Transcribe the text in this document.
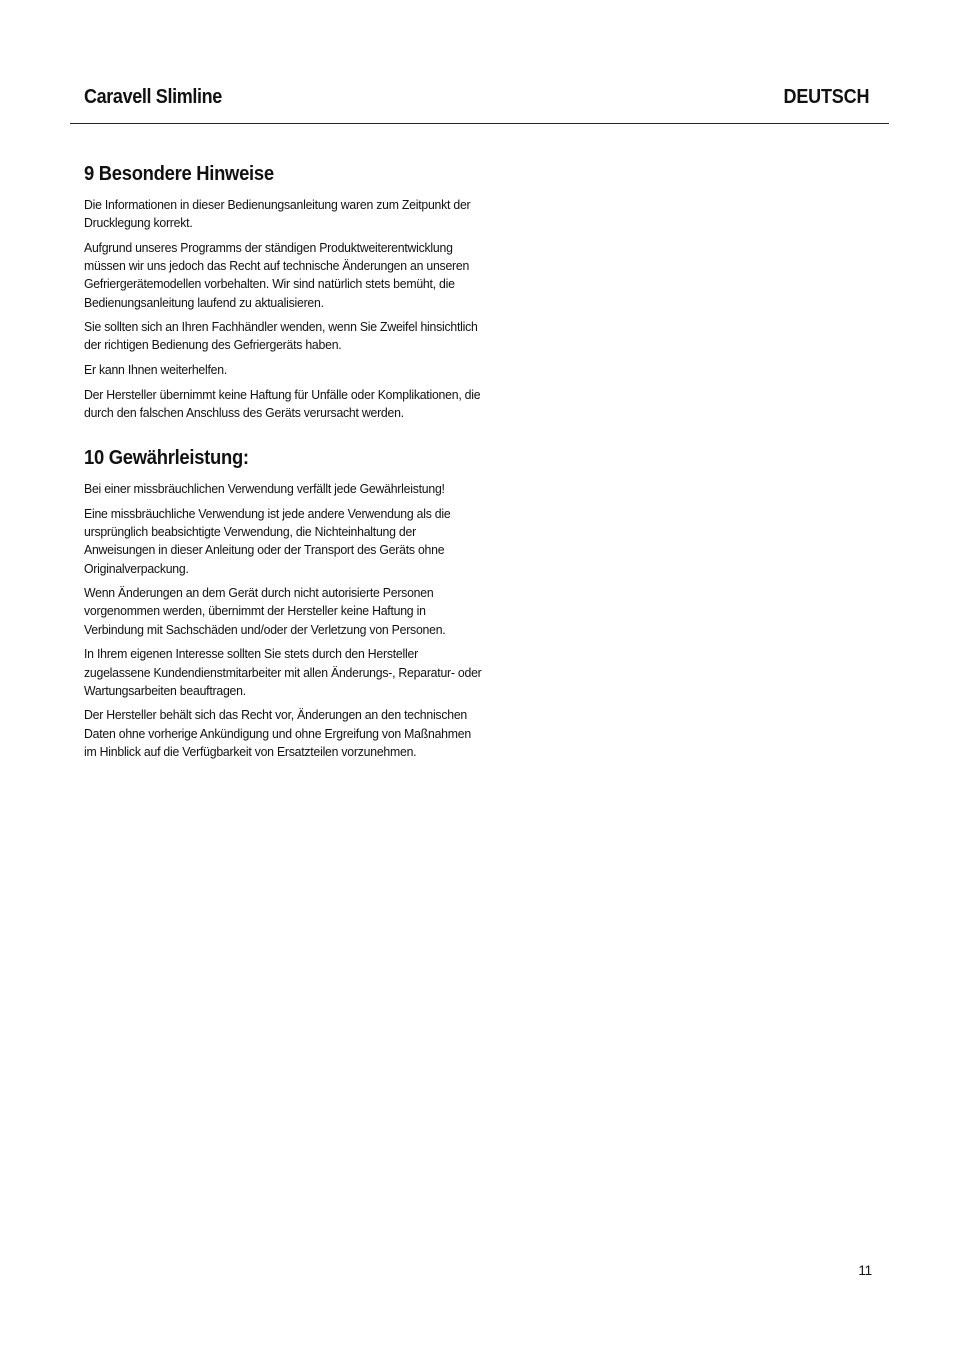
Caravell Slimline	DEUTSCH
9 Besondere Hinweise

Die Informationen in dieser Bedienungsanleitung waren zum Zeitpunkt der Drucklegung korrekt.

Aufgrund unseres Programms der ständigen Produktweiterentwicklung müssen wir uns jedoch das Recht auf technische Änderungen an unseren Gefriergerätemodellen vorbehalten. Wir sind natürlich stets bemüht, die Bedienungsanleitung laufend zu aktualisieren.

Sie sollten sich an Ihren Fachhändler wenden, wenn Sie Zweifel hinsichtlich der richtigen Bedienung des Gefriergeräts haben.

Er kann Ihnen weiterhelfen.

Der Hersteller übernimmt keine Haftung für Unfälle oder Komplikationen, die durch den falschen Anschluss des Geräts verursacht werden.

10 Gewährleistung:

Bei einer missbräuchlichen Verwendung verfällt jede Gewährleistung!

Eine missbräuchliche Verwendung ist jede andere Verwendung als die ursprünglich beabsichtigte Verwendung, die Nichteinhaltung der Anweisungen in dieser Anleitung oder der Transport des Geräts ohne Originalverpackung.

Wenn Änderungen an dem Gerät durch nicht autorisierte Personen vorgenommen werden, übernimmt der Hersteller keine Haftung in Verbindung mit Sachschäden und/oder der Verletzung von Personen.

In Ihrem eigenen Interesse sollten Sie stets durch den Hersteller zugelassene Kundendienstmitarbeiter mit allen Änderungs-, Reparatur- oder Wartungsarbeiten beauftragen.

Der Hersteller behält sich das Recht vor, Änderungen an den technischen Daten ohne vorherige Ankündigung und ohne Ergreifung von Maßnahmen im Hinblick auf die Verfügbarkeit von Ersatzteilen vorzunehmen.

11
